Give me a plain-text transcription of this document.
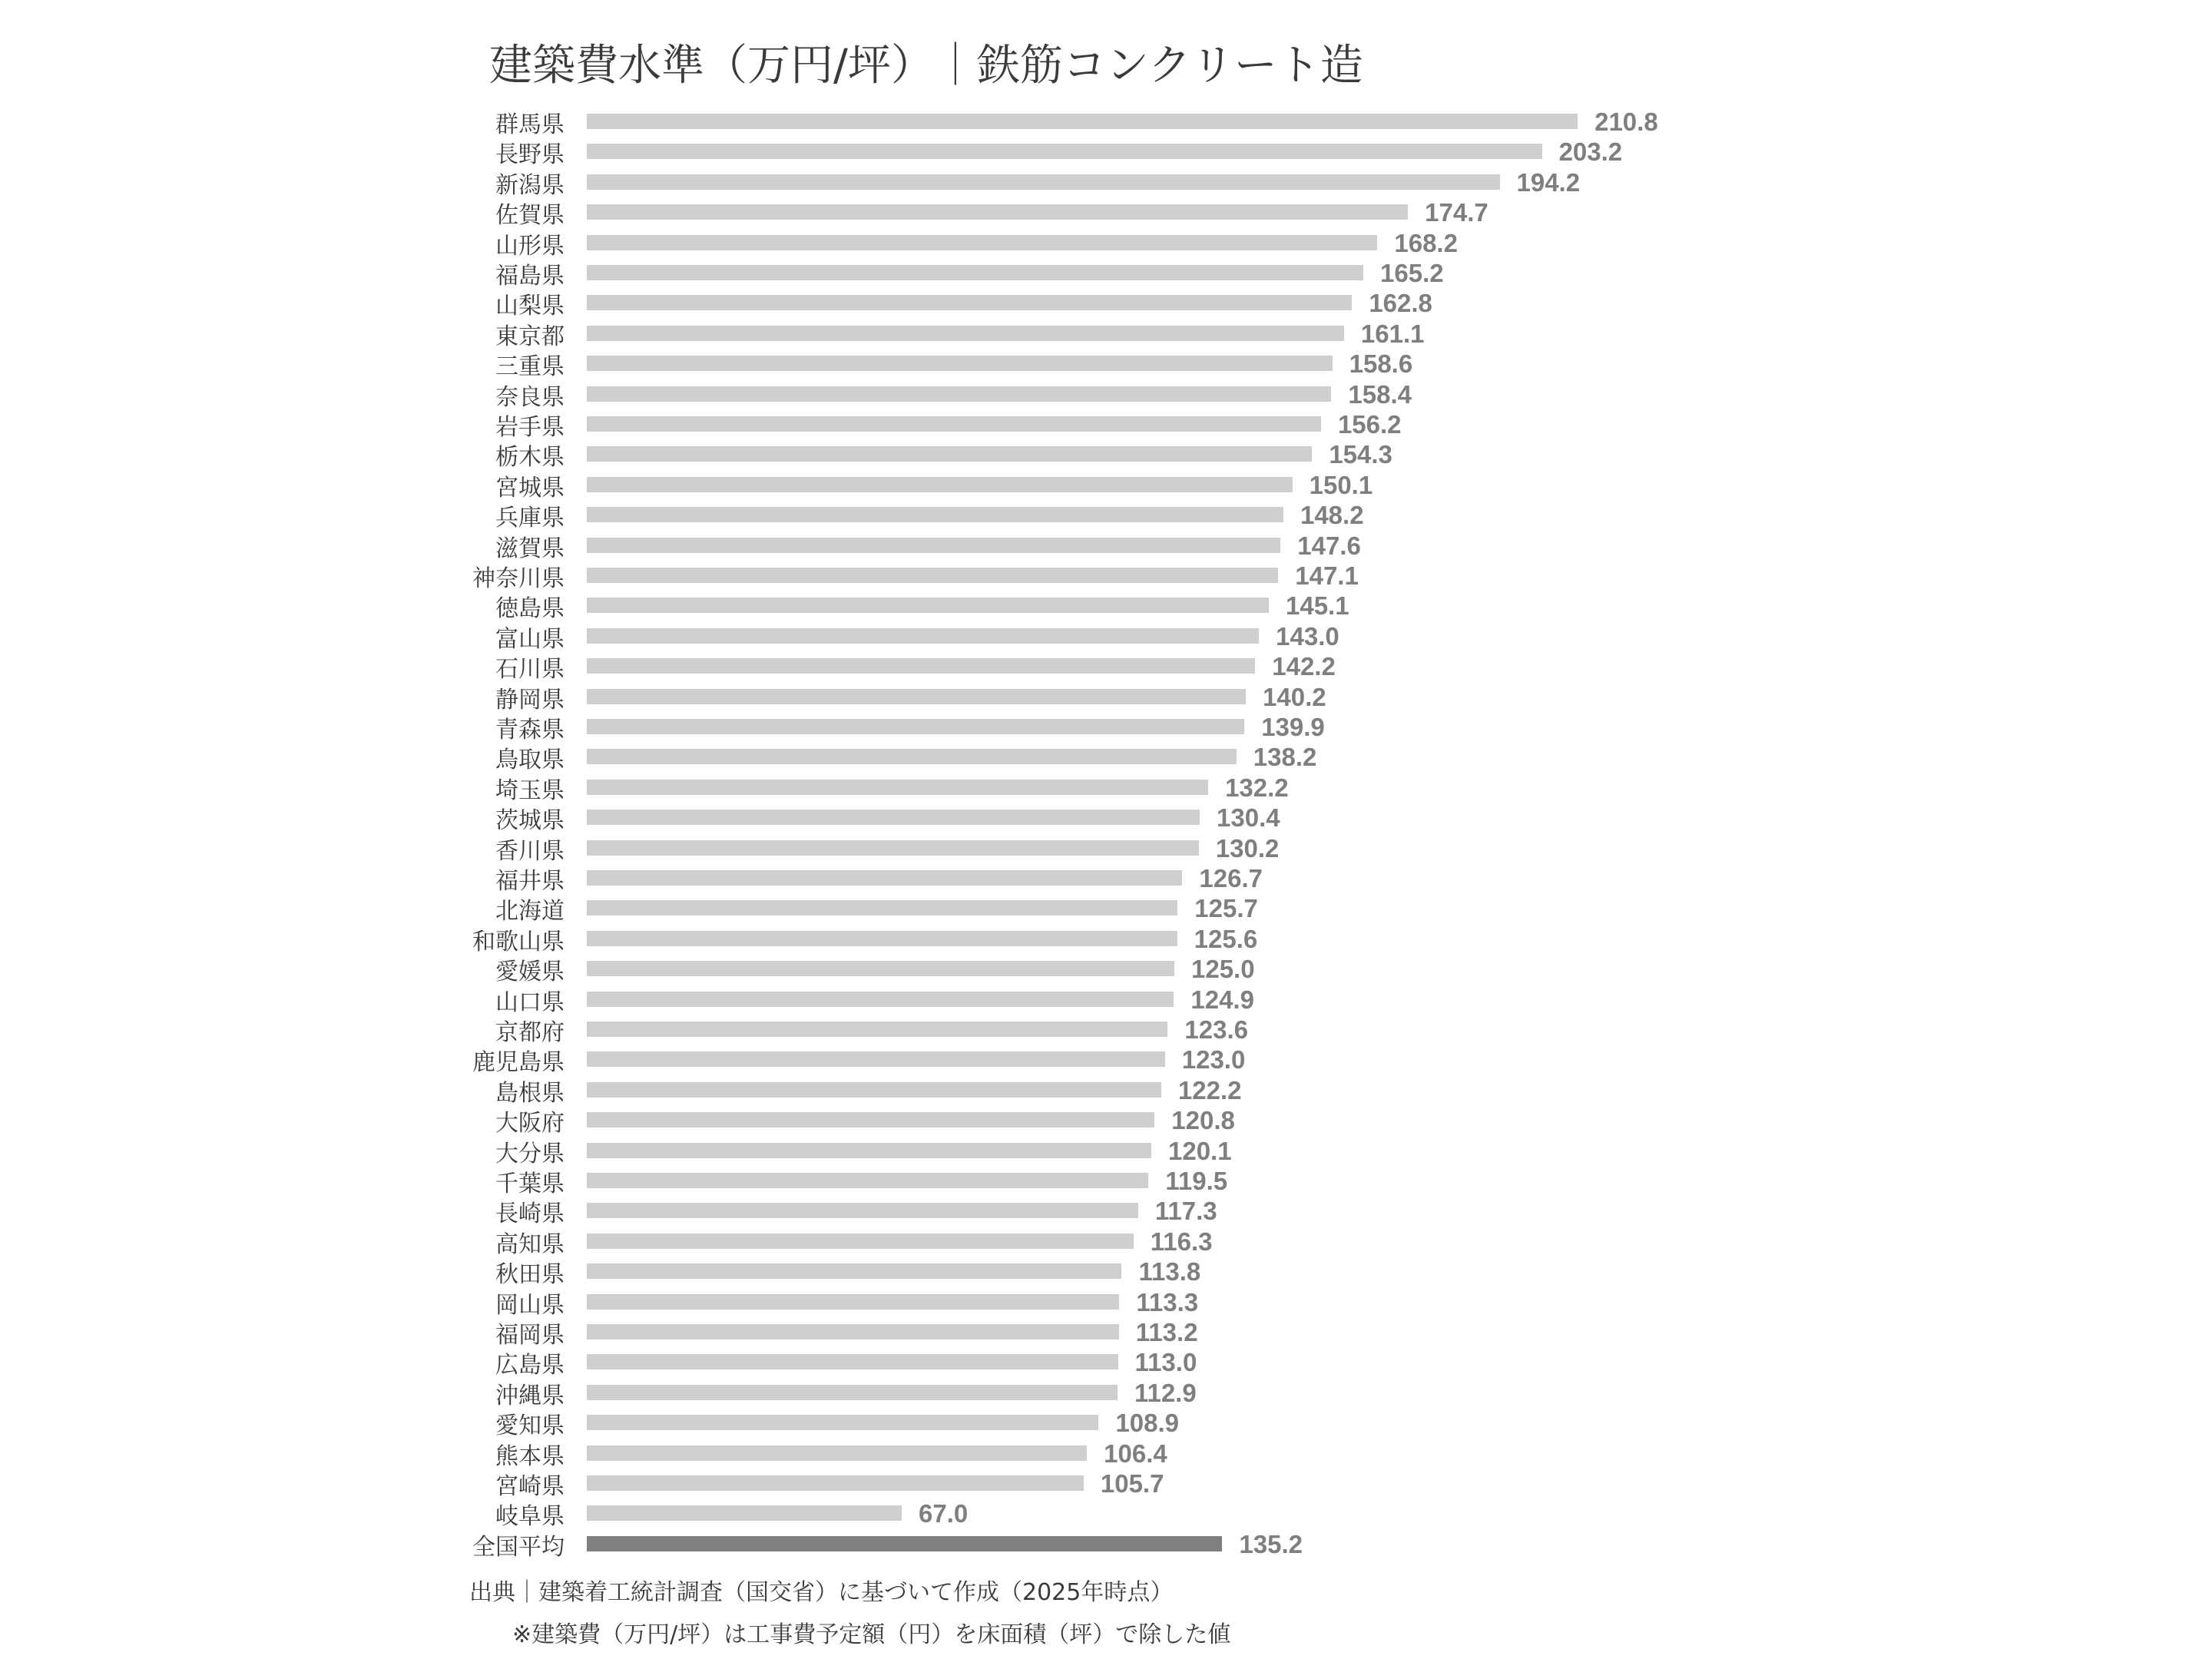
建築費水準（万円/坪）｜鉄筋コンクリート造
群馬県	210.8
長野県	203.2
新潟県	194.2
佐賀県	174.7
山形県	168.2
福島県	165.2
山梨県	162.8
東京都	161.1
三重県	158.6
奈良県	158.4
岩手県	156.2
栃木県	154.3
宮城県	150.1
兵庫県	148.2
滋賀県	147.6
神奈川県	147.1
徳島県	145.1
富山県	143.0
石川県	142.2
静岡県	140.2
青森県	139.9
鳥取県	138.2
埼玉県	132.2
茨城県	130.4
香川県	130.2
福井県	126.7
北海道	125.7
和歌山県	125.6
愛媛県	125.0
山口県	124.9
京都府	123.6
鹿児島県	123.0
島根県	122.2
大阪府	120.8
大分県	120.1
千葉県	119.5
長崎県	117.3
高知県	116.3
秋田県	113.8
岡山県	113.3
福岡県	113.2
広島県	113.0
沖縄県	112.9
愛知県	108.9
熊本県	106.4
宮崎県	105.7
岐阜県	67.0
全国平均	135.2
出典｜建築着工統計調査（国交省）に基づいて作成（2025年時点）
※建築費（万円/坪）は工事費予定額（円）を床面積（坪）で除した値
